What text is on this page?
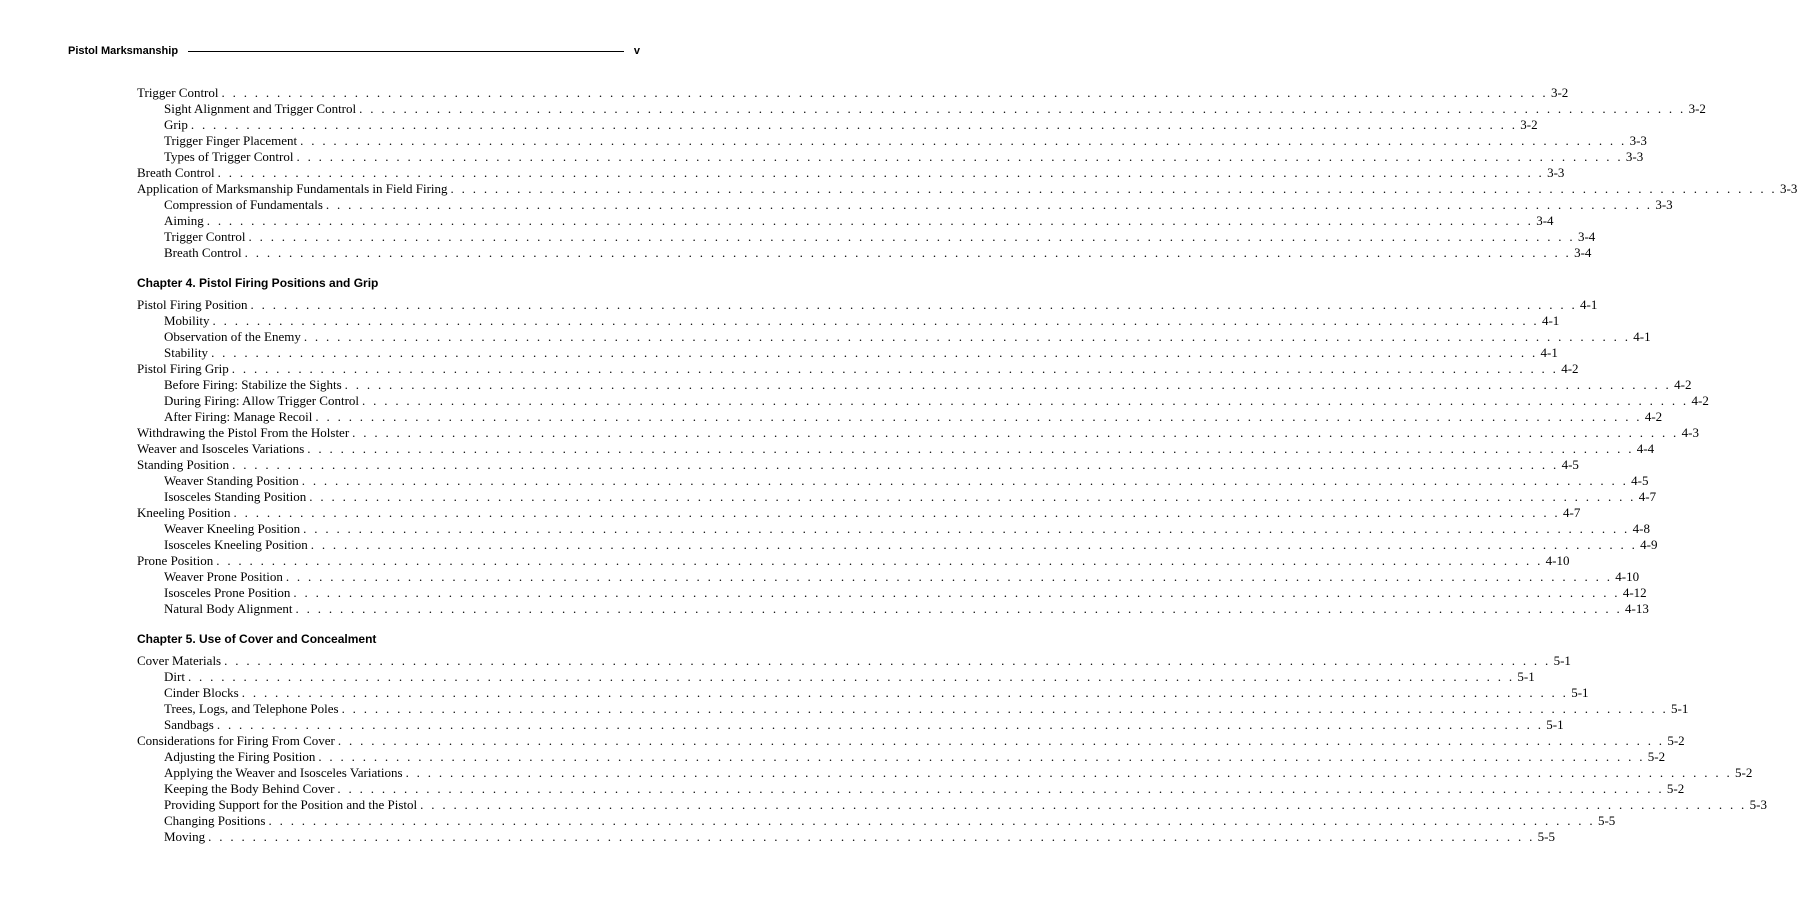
Pistol Marksmanship	v
Trigger Control . . . . . . . . . . . . . . . . . . . . . . . . . . . . . . . . . . . . . . . . . . . . . . . . . . . . . . . . . . . . . . . . . . . . . . . . . . . . . . . . . . . . . . . . . . . . . . . . . . . . . . . . . . . . . . . . . . . . . . . . 3-2
Sight Alignment and Trigger Control . . . . . . . . . . . . . . . . . . . . . . . . . . . . . . . . . . . . . . . . . . . . . . . . . . . . . . . . . . . . . . . . . . . . . . . . . . . . . . . . . . . . . . . . . . . . . . . . . . . . . . . . . . . . . . . . . . . . . . . . 3-2
Grip . . . . . . . . . . . . . . . . . . . . . . . . . . . . . . . . . . . . . . . . . . . . . . . . . . . . . . . . . . . . . . . . . . . . . . . . . . . . . . . . . . . . . . . . . . . . . . . . . . . . . . . . . . . . . . . . . . . . . . . . 3-2
Trigger Finger Placement . . . . . . . . . . . . . . . . . . . . . . . . . . . . . . . . . . . . . . . . . . . . . . . . . . . . . . . . . . . . . . . . . . . . . . . . . . . . . . . . . . . . . . . . . . . . . . . . . . . . . . . . . . . . . . . . . . . . . . . . 3-3
Types of Trigger Control . . . . . . . . . . . . . . . . . . . . . . . . . . . . . . . . . . . . . . . . . . . . . . . . . . . . . . . . . . . . . . . . . . . . . . . . . . . . . . . . . . . . . . . . . . . . . . . . . . . . . . . . . . . . . . . . . . . . . . . . 3-3
Breath Control . . . . . . . . . . . . . . . . . . . . . . . . . . . . . . . . . . . . . . . . . . . . . . . . . . . . . . . . . . . . . . . . . . . . . . . . . . . . . . . . . . . . . . . . . . . . . . . . . . . . . . . . . . . . . . . . . . . . . . . . 3-3
Application of Marksmanship Fundamentals in Field Firing . . . . . . . . . . . . . . . . . . . . . . . . . . . . . . . . . . . . . . . . . . . . . . . . . . . . . . . . . . . . . . . . . . . . . . . . . . . . . . . . . . . . . . . . . . . . . . . . . . . . . . . . . . . . . . . . . . . . . . . . 3-3
Compression of Fundamentals . . . . . . . . . . . . . . . . . . . . . . . . . . . . . . . . . . . . . . . . . . . . . . . . . . . . . . . . . . . . . . . . . . . . . . . . . . . . . . . . . . . . . . . . . . . . . . . . . . . . . . . . . . . . . . . . . . . . . . . . 3-3
Aiming . . . . . . . . . . . . . . . . . . . . . . . . . . . . . . . . . . . . . . . . . . . . . . . . . . . . . . . . . . . . . . . . . . . . . . . . . . . . . . . . . . . . . . . . . . . . . . . . . . . . . . . . . . . . . . . . . . . . . . . . 3-4
Trigger Control . . . . . . . . . . . . . . . . . . . . . . . . . . . . . . . . . . . . . . . . . . . . . . . . . . . . . . . . . . . . . . . . . . . . . . . . . . . . . . . . . . . . . . . . . . . . . . . . . . . . . . . . . . . . . . . . . . . . . . . . 3-4
Breath Control . . . . . . . . . . . . . . . . . . . . . . . . . . . . . . . . . . . . . . . . . . . . . . . . . . . . . . . . . . . . . . . . . . . . . . . . . . . . . . . . . . . . . . . . . . . . . . . . . . . . . . . . . . . . . . . . . . . . . . . . 3-4
Chapter 4. Pistol Firing Positions and Grip
Pistol Firing Position . . . . . . . . . . . . . . . . . . . . . . . . . . . . . . . . . . . . . . . . . . . . . . . . . . . . . . . . . . . . . . . . . . . . . . . . . . . . . . . . . . . . . . . . . . . . . . . . . . . . . . . . . . . . . . . . . . . . . . . . 4-1
Mobility . . . . . . . . . . . . . . . . . . . . . . . . . . . . . . . . . . . . . . . . . . . . . . . . . . . . . . . . . . . . . . . . . . . . . . . . . . . . . . . . . . . . . . . . . . . . . . . . . . . . . . . . . . . . . . . . . . . . . . . . 4-1
Observation of the Enemy . . . . . . . . . . . . . . . . . . . . . . . . . . . . . . . . . . . . . . . . . . . . . . . . . . . . . . . . . . . . . . . . . . . . . . . . . . . . . . . . . . . . . . . . . . . . . . . . . . . . . . . . . . . . . . . . . . . . . . . . 4-1
Stability . . . . . . . . . . . . . . . . . . . . . . . . . . . . . . . . . . . . . . . . . . . . . . . . . . . . . . . . . . . . . . . . . . . . . . . . . . . . . . . . . . . . . . . . . . . . . . . . . . . . . . . . . . . . . . . . . . . . . . . . 4-1
Pistol Firing Grip . . . . . . . . . . . . . . . . . . . . . . . . . . . . . . . . . . . . . . . . . . . . . . . . . . . . . . . . . . . . . . . . . . . . . . . . . . . . . . . . . . . . . . . . . . . . . . . . . . . . . . . . . . . . . . . . . . . . . . . . 4-2
Before Firing: Stabilize the Sights . . . . . . . . . . . . . . . . . . . . . . . . . . . . . . . . . . . . . . . . . . . . . . . . . . . . . . . . . . . . . . . . . . . . . . . . . . . . . . . . . . . . . . . . . . . . . . . . . . . . . . . . . . . . . . . . . . . . . . . . 4-2
During Firing: Allow Trigger Control . . . . . . . . . . . . . . . . . . . . . . . . . . . . . . . . . . . . . . . . . . . . . . . . . . . . . . . . . . . . . . . . . . . . . . . . . . . . . . . . . . . . . . . . . . . . . . . . . . . . . . . . . . . . . . . . . . . . . . . . 4-2
After Firing: Manage Recoil . . . . . . . . . . . . . . . . . . . . . . . . . . . . . . . . . . . . . . . . . . . . . . . . . . . . . . . . . . . . . . . . . . . . . . . . . . . . . . . . . . . . . . . . . . . . . . . . . . . . . . . . . . . . . . . . . . . . . . . . 4-2
Withdrawing the Pistol From the Holster . . . . . . . . . . . . . . . . . . . . . . . . . . . . . . . . . . . . . . . . . . . . . . . . . . . . . . . . . . . . . . . . . . . . . . . . . . . . . . . . . . . . . . . . . . . . . . . . . . . . . . . . . . . . . . . . . . . . . . . . 4-3
Weaver and Isosceles Variations . . . . . . . . . . . . . . . . . . . . . . . . . . . . . . . . . . . . . . . . . . . . . . . . . . . . . . . . . . . . . . . . . . . . . . . . . . . . . . . . . . . . . . . . . . . . . . . . . . . . . . . . . . . . . . . . . . . . . . . . 4-4
Standing Position . . . . . . . . . . . . . . . . . . . . . . . . . . . . . . . . . . . . . . . . . . . . . . . . . . . . . . . . . . . . . . . . . . . . . . . . . . . . . . . . . . . . . . . . . . . . . . . . . . . . . . . . . . . . . . . . . . . . . . . . 4-5
Weaver Standing Position . . . . . . . . . . . . . . . . . . . . . . . . . . . . . . . . . . . . . . . . . . . . . . . . . . . . . . . . . . . . . . . . . . . . . . . . . . . . . . . . . . . . . . . . . . . . . . . . . . . . . . . . . . . . . . . . . . . . . . . . 4-5
Isosceles Standing Position . . . . . . . . . . . . . . . . . . . . . . . . . . . . . . . . . . . . . . . . . . . . . . . . . . . . . . . . . . . . . . . . . . . . . . . . . . . . . . . . . . . . . . . . . . . . . . . . . . . . . . . . . . . . . . . . . . . . . . . . 4-7
Kneeling Position . . . . . . . . . . . . . . . . . . . . . . . . . . . . . . . . . . . . . . . . . . . . . . . . . . . . . . . . . . . . . . . . . . . . . . . . . . . . . . . . . . . . . . . . . . . . . . . . . . . . . . . . . . . . . . . . . . . . . . . . 4-7
Weaver Kneeling Position . . . . . . . . . . . . . . . . . . . . . . . . . . . . . . . . . . . . . . . . . . . . . . . . . . . . . . . . . . . . . . . . . . . . . . . . . . . . . . . . . . . . . . . . . . . . . . . . . . . . . . . . . . . . . . . . . . . . . . . . 4-8
Isosceles Kneeling Position . . . . . . . . . . . . . . . . . . . . . . . . . . . . . . . . . . . . . . . . . . . . . . . . . . . . . . . . . . . . . . . . . . . . . . . . . . . . . . . . . . . . . . . . . . . . . . . . . . . . . . . . . . . . . . . . . . . . . . . . 4-9
Prone Position . . . . . . . . . . . . . . . . . . . . . . . . . . . . . . . . . . . . . . . . . . . . . . . . . . . . . . . . . . . . . . . . . . . . . . . . . . . . . . . . . . . . . . . . . . . . . . . . . . . . . . . . . . . . . . . . . . . . . . . . 4-10
Weaver Prone Position . . . . . . . . . . . . . . . . . . . . . . . . . . . . . . . . . . . . . . . . . . . . . . . . . . . . . . . . . . . . . . . . . . . . . . . . . . . . . . . . . . . . . . . . . . . . . . . . . . . . . . . . . . . . . . . . . . . . . . . . 4-10
Isosceles Prone Position . . . . . . . . . . . . . . . . . . . . . . . . . . . . . . . . . . . . . . . . . . . . . . . . . . . . . . . . . . . . . . . . . . . . . . . . . . . . . . . . . . . . . . . . . . . . . . . . . . . . . . . . . . . . . . . . . . . . . . . . 4-12
Natural Body Alignment . . . . . . . . . . . . . . . . . . . . . . . . . . . . . . . . . . . . . . . . . . . . . . . . . . . . . . . . . . . . . . . . . . . . . . . . . . . . . . . . . . . . . . . . . . . . . . . . . . . . . . . . . . . . . . . . . . . . . . . . 4-13
Chapter 5. Use of Cover and Concealment
Cover Materials . . . . . . . . . . . . . . . . . . . . . . . . . . . . . . . . . . . . . . . . . . . . . . . . . . . . . . . . . . . . . . . . . . . . . . . . . . . . . . . . . . . . . . . . . . . . . . . . . . . . . . . . . . . . . . . . . . . . . . . . 5-1
Dirt . . . . . . . . . . . . . . . . . . . . . . . . . . . . . . . . . . . . . . . . . . . . . . . . . . . . . . . . . . . . . . . . . . . . . . . . . . . . . . . . . . . . . . . . . . . . . . . . . . . . . . . . . . . . . . . . . . . . . . . . 5-1
Cinder Blocks . . . . . . . . . . . . . . . . . . . . . . . . . . . . . . . . . . . . . . . . . . . . . . . . . . . . . . . . . . . . . . . . . . . . . . . . . . . . . . . . . . . . . . . . . . . . . . . . . . . . . . . . . . . . . . . . . . . . . . . . 5-1
Trees, Logs, and Telephone Poles . . . . . . . . . . . . . . . . . . . . . . . . . . . . . . . . . . . . . . . . . . . . . . . . . . . . . . . . . . . . . . . . . . . . . . . . . . . . . . . . . . . . . . . . . . . . . . . . . . . . . . . . . . . . . . . . . . . . . . . . 5-1
Sandbags . . . . . . . . . . . . . . . . . . . . . . . . . . . . . . . . . . . . . . . . . . . . . . . . . . . . . . . . . . . . . . . . . . . . . . . . . . . . . . . . . . . . . . . . . . . . . . . . . . . . . . . . . . . . . . . . . . . . . . . . 5-1
Considerations for Firing From Cover . . . . . . . . . . . . . . . . . . . . . . . . . . . . . . . . . . . . . . . . . . . . . . . . . . . . . . . . . . . . . . . . . . . . . . . . . . . . . . . . . . . . . . . . . . . . . . . . . . . . . . . . . . . . . . . . . . . . . . . . 5-2
Adjusting the Firing Position . . . . . . . . . . . . . . . . . . . . . . . . . . . . . . . . . . . . . . . . . . . . . . . . . . . . . . . . . . . . . . . . . . . . . . . . . . . . . . . . . . . . . . . . . . . . . . . . . . . . . . . . . . . . . . . . . . . . . . . . 5-2
Applying the Weaver and Isosceles Variations . . . . . . . . . . . . . . . . . . . . . . . . . . . . . . . . . . . . . . . . . . . . . . . . . . . . . . . . . . . . . . . . . . . . . . . . . . . . . . . . . . . . . . . . . . . . . . . . . . . . . . . . . . . . . . . . . . . . . . . . 5-2
Keeping the Body Behind Cover . . . . . . . . . . . . . . . . . . . . . . . . . . . . . . . . . . . . . . . . . . . . . . . . . . . . . . . . . . . . . . . . . . . . . . . . . . . . . . . . . . . . . . . . . . . . . . . . . . . . . . . . . . . . . . . . . . . . . . . . 5-2
Providing Support for the Position and the Pistol . . . . . . . . . . . . . . . . . . . . . . . . . . . . . . . . . . . . . . . . . . . . . . . . . . . . . . . . . . . . . . . . . . . . . . . . . . . . . . . . . . . . . . . . . . . . . . . . . . . . . . . . . . . . . . . . . . . . . . . . 5-3
Changing Positions . . . . . . . . . . . . . . . . . . . . . . . . . . . . . . . . . . . . . . . . . . . . . . . . . . . . . . . . . . . . . . . . . . . . . . . . . . . . . . . . . . . . . . . . . . . . . . . . . . . . . . . . . . . . . . . . . . . . . . . . 5-5
Moving . . . . . . . . . . . . . . . . . . . . . . . . . . . . . . . . . . . . . . . . . . . . . . . . . . . . . . . . . . . . . . . . . . . . . . . . . . . . . . . . . . . . . . . . . . . . . . . . . . . . . . . . . . . . . . . . . . . . . . . . 5-5
